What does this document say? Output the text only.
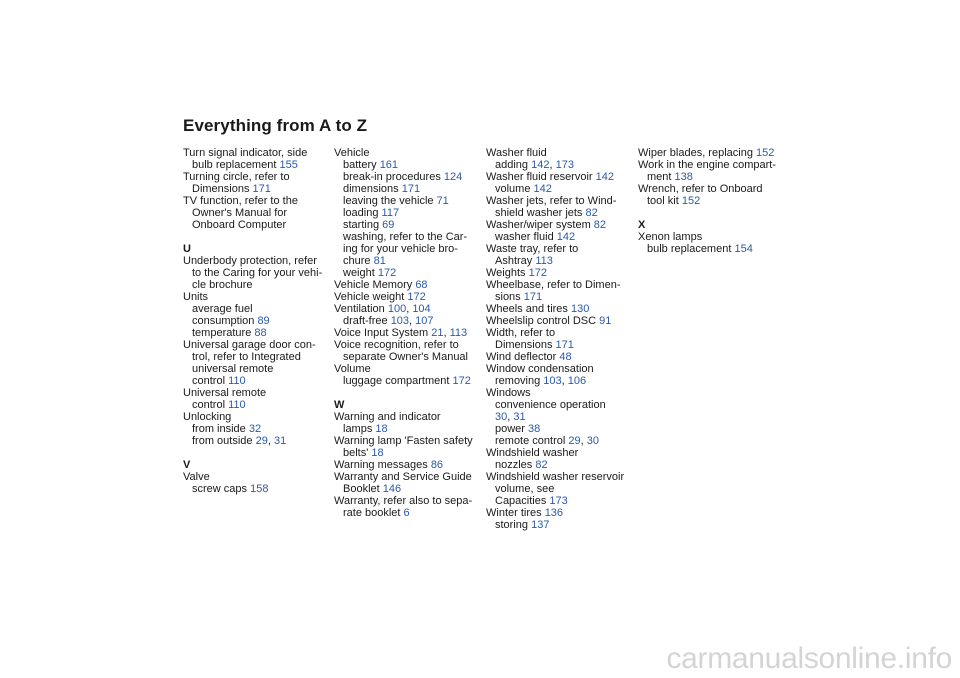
Everything from A to Z
Turn signal indicator, side
bulb replacement 155
Turning circle, refer to
Dimensions 171
TV function, refer to the
Owner's Manual for
Onboard Computer
U
Underbody protection, refer
to the Caring for your vehi-
cle brochure
Units
average fuel
consumption 89
temperature 88
Universal garage door con-
trol, refer to Integrated
universal remote
control 110
Universal remote
control 110
Unlocking
from inside 32
from outside 29, 31
V
Valve
screw caps 158
Vehicle
battery 161
break-in procedures 124
dimensions 171
leaving the vehicle 71
loading 117
starting 69
washing, refer to the Car-
ing for your vehicle bro-
chure 81
weight 172
Vehicle Memory 68
Vehicle weight 172
Ventilation 100, 104
draft-free 103, 107
Voice Input System 21, 113
Voice recognition, refer to
separate Owner's Manual
Volume
luggage compartment 172
W
Warning and indicator
lamps 18
Warning lamp 'Fasten safety
belts' 18
Warning messages 86
Warranty and Service Guide
Booklet 146
Warranty, refer also to sepa-
rate booklet 6
Washer fluid
adding 142, 173
Washer fluid reservoir 142
volume 142
Washer jets, refer to Wind-
shield washer jets 82
Washer/wiper system 82
washer fluid 142
Waste tray, refer to
Ashtray 113
Weights 172
Wheelbase, refer to Dimen-
sions 171
Wheels and tires 130
Wheelslip control DSC 91
Width, refer to
Dimensions 171
Wind deflector 48
Window condensation
removing 103, 106
Windows
convenience operation
30, 31
power 38
remote control 29, 30
Windshield washer
nozzles 82
Windshield washer reservoir
volume, see
Capacities 173
Winter tires 136
storing 137
Wiper blades, replacing 152
Work in the engine compart-
ment 138
Wrench, refer to Onboard
tool kit 152
X
Xenon lamps
bulb replacement 154
carmanualsonline.info
